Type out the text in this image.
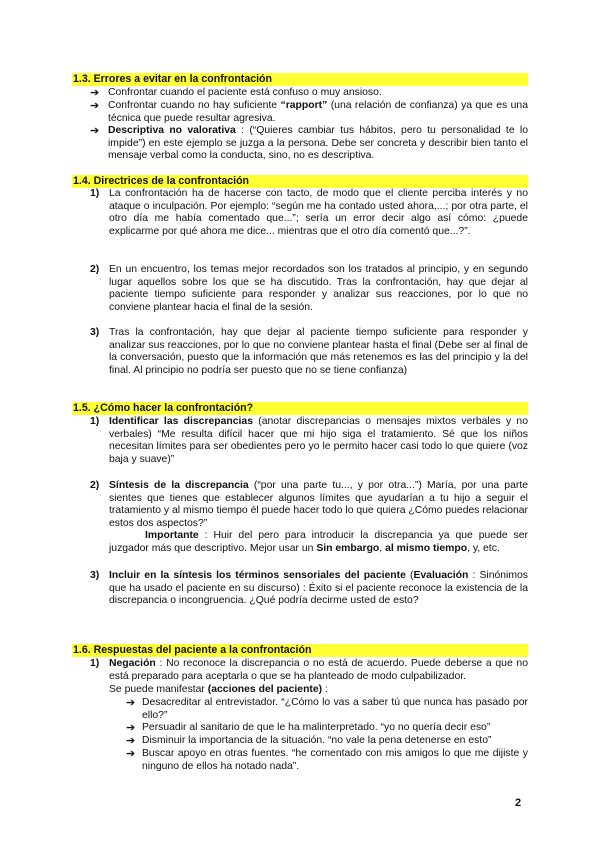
1.3. Errores a evitar en la confrontación
➔ Confrontar cuando el paciente está confuso o muy ansioso.
➔ Confrontar cuando no hay suficiente “rapport” (una relación de confianza) ya que es una técnica que puede resultar agresiva.
➔ Descriptiva no valorativa : (“Quieres cambiar tus hábitos, pero tu personalidad te lo impide”) en este ejemplo se juzga a la persona. Debe ser concreta y describir bien tanto el mensaje verbal como la conducta, sino, no es descriptiva.
1.4. Directrices de la confrontación
1) La confrontación ha de hacerse con tacto, de modo que el cliente perciba interés y no ataque o inculpación. Por ejemplo: “según me ha contado usted ahora,...; por otra parte, el otro día me había comentado que...”; sería un error decir algo así cómo: ¿puede explicarme por qué ahora me dice... mientras que el otro día comentó que...?”.
2) En un encuentro, los temas mejor recordados son los tratados al principio, y en segundo lugar aquellos sobre los que se ha discutido. Tras la confrontación, hay que dejar al paciente tiempo suficiente para responder y analizar sus reacciones, por lo que no conviene plantear hacia el final de la sesión.
3) Tras la confrontación, hay que dejar al paciente tiempo suficiente para responder y analizar sus reacciones, por lo que no conviene plantear hasta el final (Debe ser al final de la conversación, puesto que la información que más retenemos es las del principio y la del final. Al principio no podría ser puesto que no se tiene confianza)
1.5. ¿Cómo hacer la confrontación?
1) Identificar las discrepancias (anotar discrepancias o mensajes mixtos verbales y no verbales) “Me resulta difícil hacer que mi hijo siga el tratamiento. Sé que los niños necesitan límites para ser obedientes pero yo le permito hacer casi todo lo que quiere (voz baja y suave)”
2) Síntesis de la discrepancia (“por una parte tu..., y por otra...”) María, por una parte sientes que tienes que establecer algunos límites que ayudarían a tu hijo a seguir el tratamiento y al mismo tiempo él puede hacer todo lo que quiera ¿Cómo puedes relacionar estos dos aspectos?”
Importante : Huir del pero para introducir la discrepancia ya que puede ser juzgador más que descriptivo. Mejor usar un Sin embargo, al mismo tiempo, y, etc.
3) Incluir en la síntesis los términos sensoriales del paciente (Evaluación : Sinónimos que ha usado el paciente en su discurso) : Éxito si el paciente reconoce la existencia de la discrepancia o incongruencia. ¿Qué podría decirme usted de esto?
1.6. Respuestas del paciente a la confrontación
1) Negación : No reconoce la discrepancia o no está de acuerdo. Puede deberse a que no está preparado para aceptarla o que se ha planteado de modo culpabilizador.
Se puede manifestar (acciones del paciente) :
➔ Desacreditar al entrevistador. “¿Cómo lo vas a saber tú que nunca has pasado por ello?”
➔ Persuadir al sanitario de que le ha malinterpretado. “yo no quería decir eso”
➔ Disminuir la importancia de la situación. “no vale la pena detenerse en esto”
➔ Buscar apoyo en otras fuentes. “he comentado con mis amigos lo que me dijiste y ninguno de ellos ha notado nada”.
2
